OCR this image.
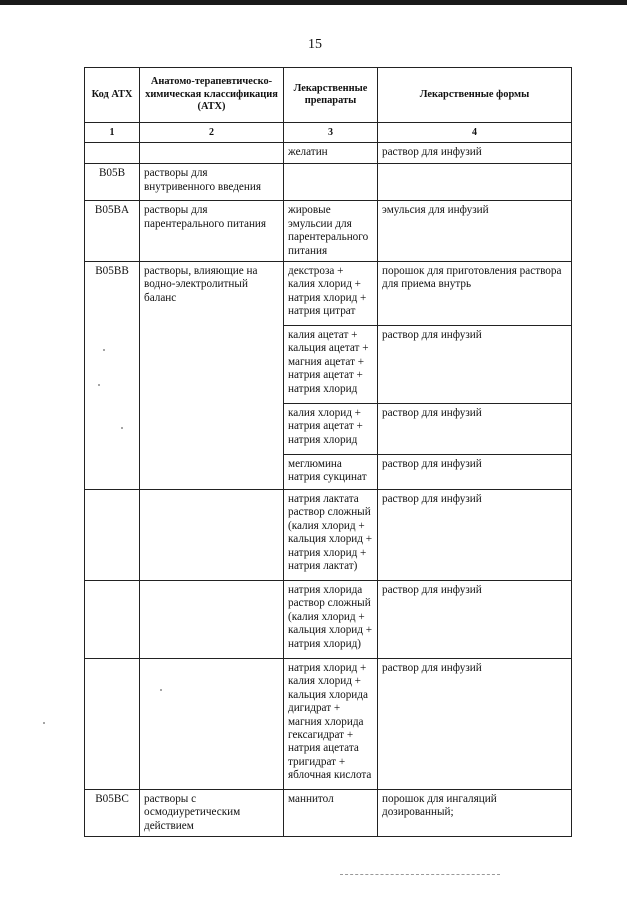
15
Код АТХ	Анатомо-терапевтическо-химическая классификация (АТХ)	Лекарственные препараты	Лекарственные формы
1	2	3	4
		желатин	раствор для инфузий
B05B	растворы для внутривенного введения		
B05BA	растворы для парентерального питания	жировые эмульсии для парентерального питания	эмульсия для инфузий
B05BB	растворы, влияющие на водно-электролитный баланс	декстроза + калия хлорид + натрия хлорид + натрия цитрат	порошок для приготовления раствора для приема внутрь
		калия ацетат + кальция ацетат + магния ацетат + натрия ацетат + натрия хлорид	раствор для инфузий
		калия хлорид + натрия ацетат + натрия хлорид	раствор для инфузий
		меглюмина натрия сукцинат	раствор для инфузий
		натрия лактата раствор сложный (калия хлорид + кальция хлорид + натрия хлорид + натрия лактат)	раствор для инфузий
		натрия хлорида раствор сложный (калия хлорид + кальция хлорид + натрия хлорид)	раствор для инфузий
		натрия хлорид + калия хлорид + кальция хлорида дигидрат + магния хлорида гексагидрат + натрия ацетата тригидрат + яблочная кислота	раствор для инфузий
B05BC	растворы с осмодиуретическим действием	маннитол	порошок для ингаляций дозированный;
